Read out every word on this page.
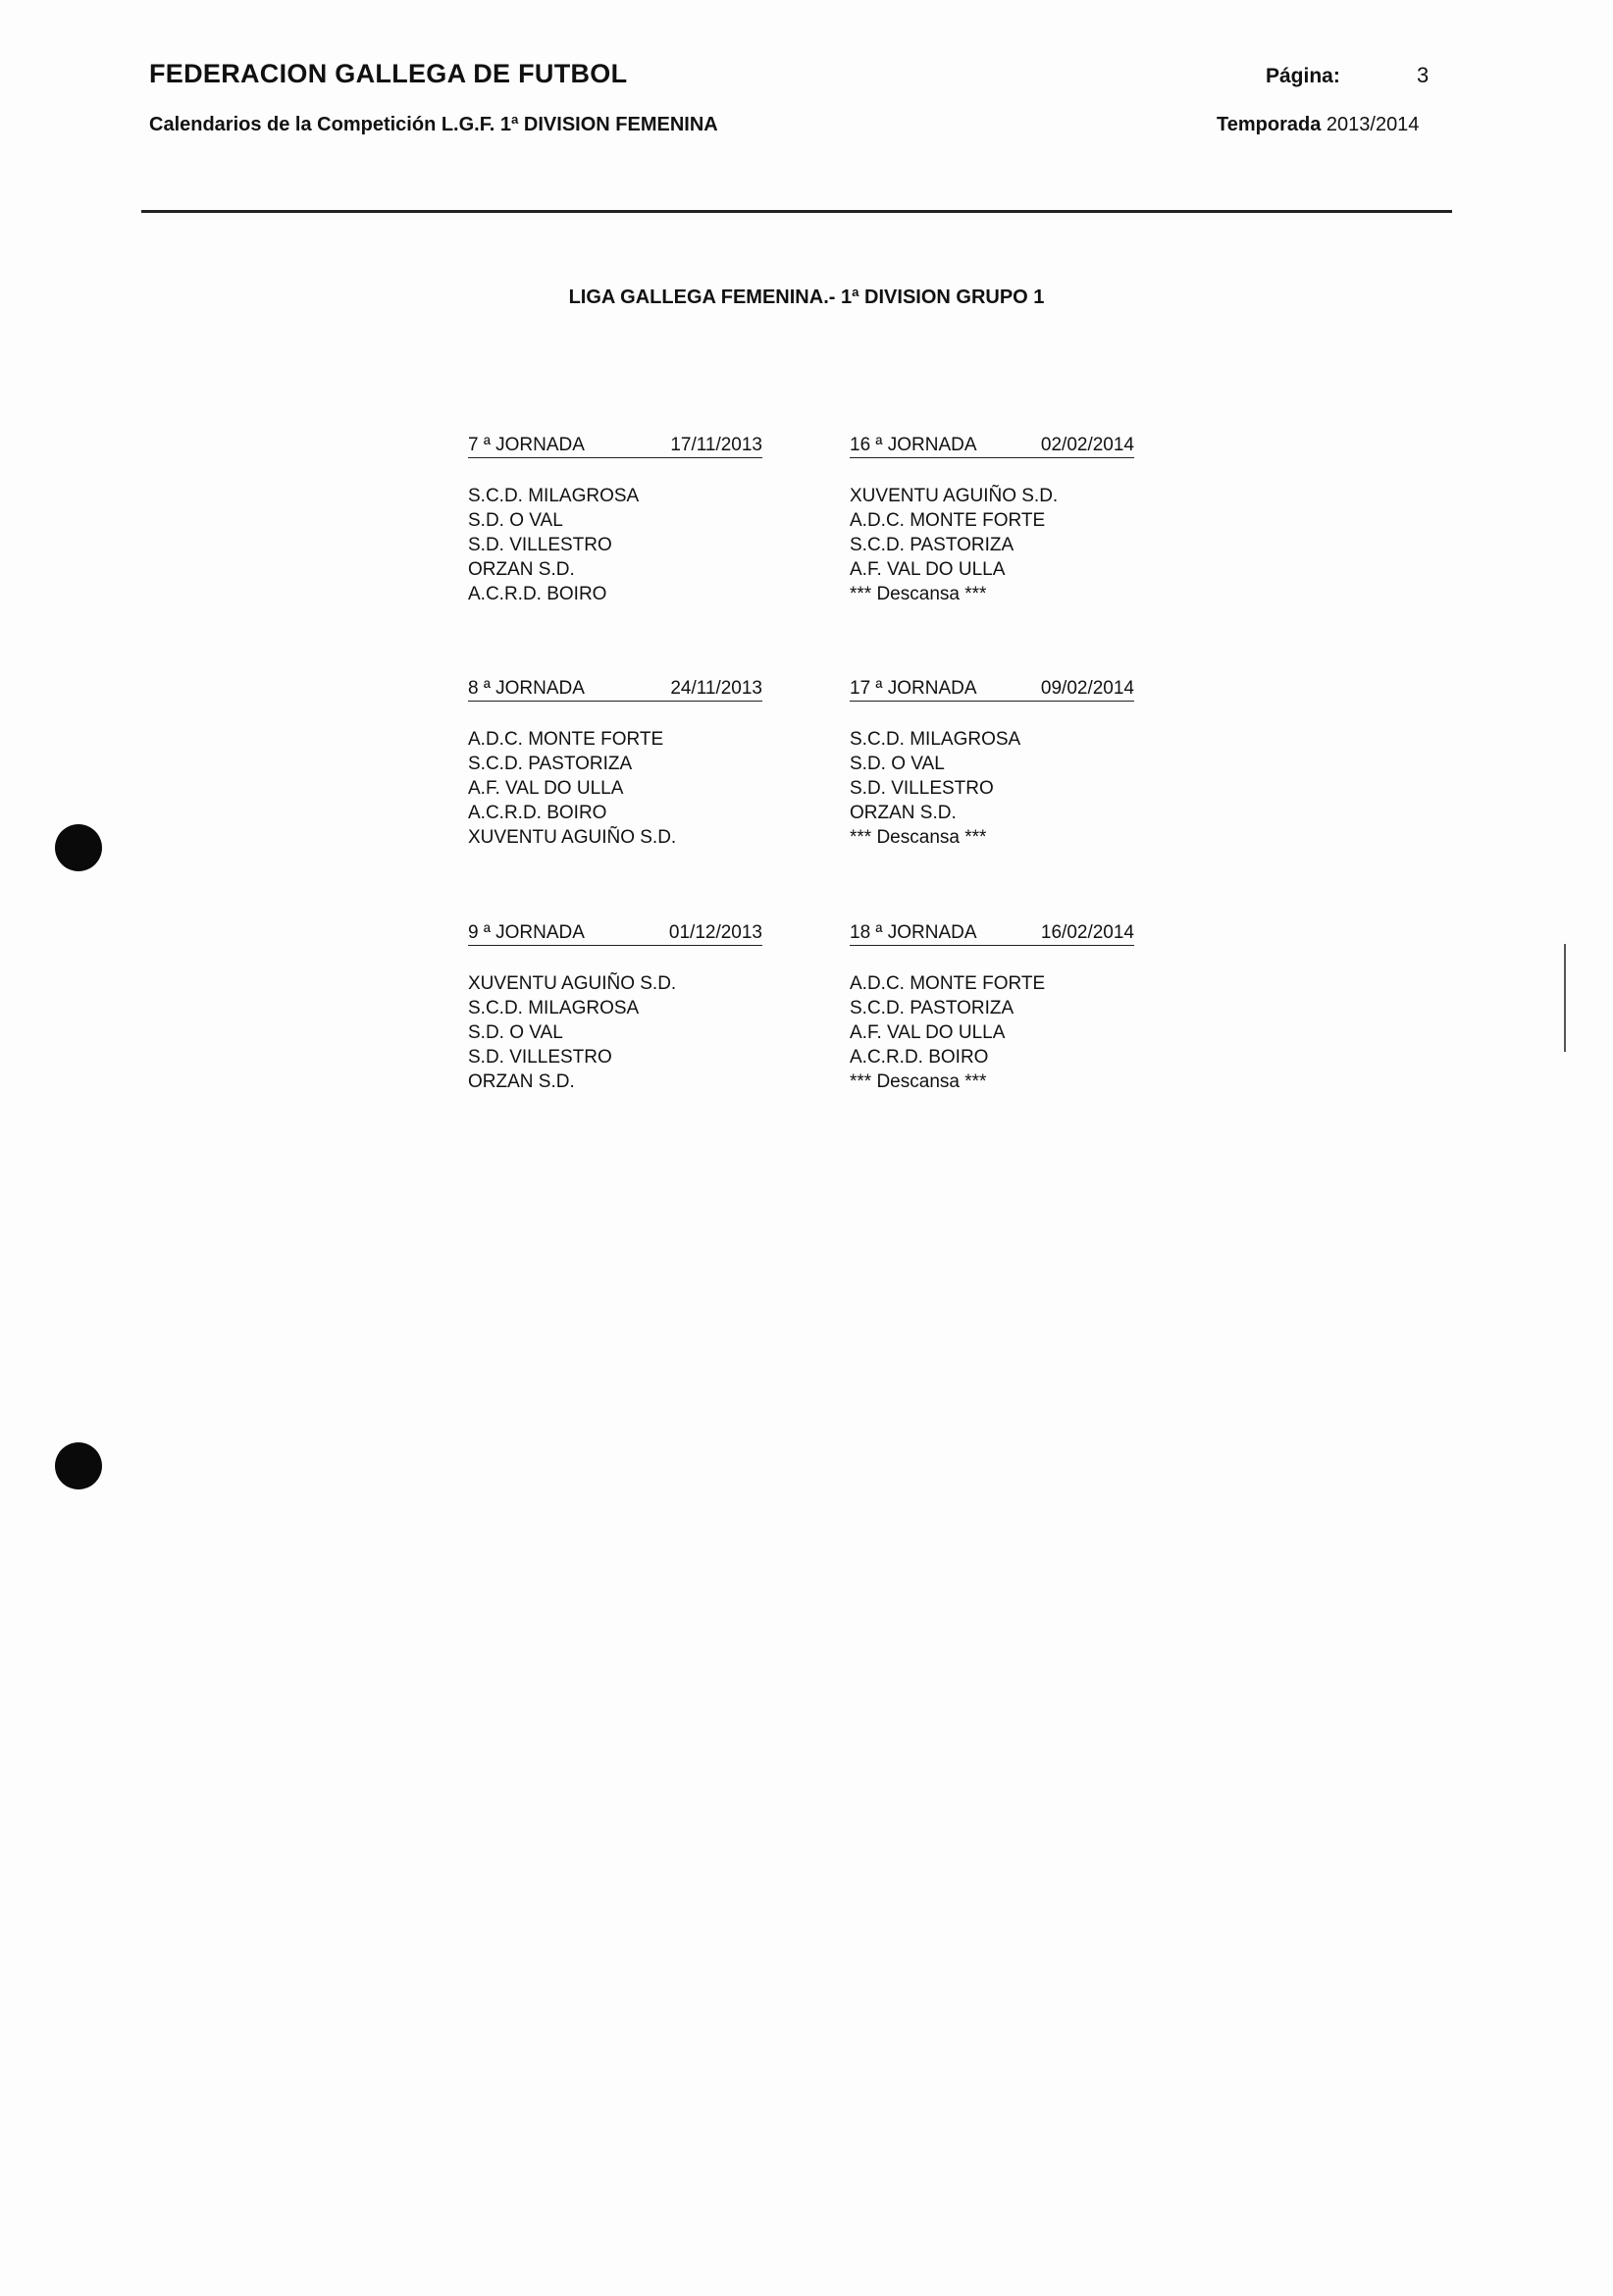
FEDERACION GALLEGA DE FUTBOL	Página:	3
Calendarios de la Competición L.G.F. 1ª DIVISION FEMENINA	Temporada 2013/2014
LIGA GALLEGA FEMENINA.- 1ª DIVISION GRUPO 1
7 ª JORNADA	17/11/2013
S.C.D. MILAGROSA
S.D. O VAL
S.D. VILLESTRO
ORZAN S.D.
A.C.R.D. BOIRO
16 ª JORNADA	02/02/2014
XUVENTU AGUIÑO S.D.
A.D.C. MONTE FORTE
S.C.D. PASTORIZA
A.F. VAL DO ULLA
*** Descansa ***
8 ª JORNADA	24/11/2013
A.D.C. MONTE FORTE
S.C.D. PASTORIZA
A.F. VAL DO ULLA
A.C.R.D. BOIRO
XUVENTU AGUIÑO S.D.
17 ª JORNADA	09/02/2014
S.C.D. MILAGROSA
S.D. O VAL
S.D. VILLESTRO
ORZAN S.D.
*** Descansa ***
9 ª JORNADA	01/12/2013
XUVENTU AGUIÑO S.D.
S.C.D. MILAGROSA
S.D. O VAL
S.D. VILLESTRO
ORZAN S.D.
18 ª JORNADA	16/02/2014
A.D.C. MONTE FORTE
S.C.D. PASTORIZA
A.F. VAL DO ULLA
A.C.R.D. BOIRO
*** Descansa ***
